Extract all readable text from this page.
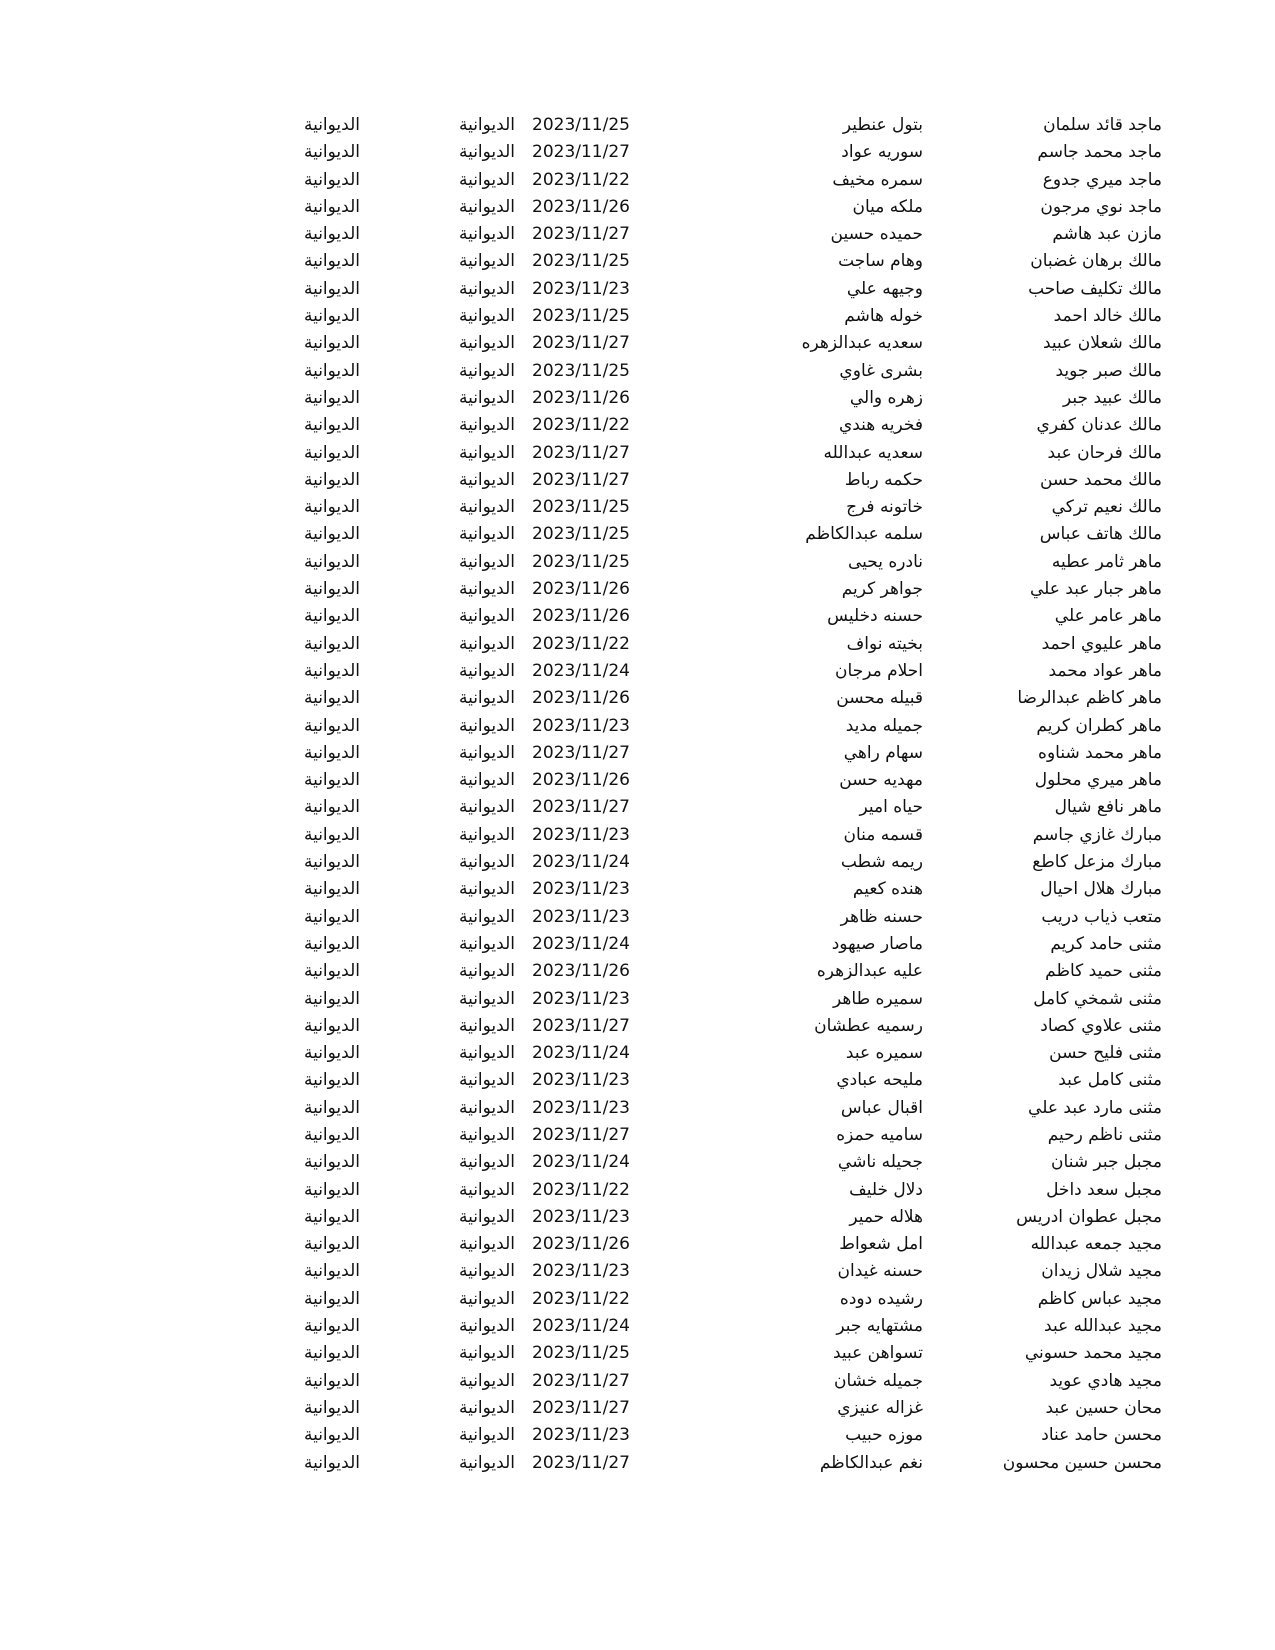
ماجد قائد سلمان
بتول عنطير
2023/11/25
الديوانية
الديوانية
ماجد محمد جاسم
سوريه عواد
2023/11/27
الديوانية
الديوانية
ماجد ميري جدوع
سمره مخيف
2023/11/22
الديوانية
الديوانية
ماجد نوي مرجون
ملكه ميان
2023/11/26
الديوانية
الديوانية
مازن عبد هاشم
حميده حسين
2023/11/27
الديوانية
الديوانية
مالك برهان غضبان
وهام ساجت
2023/11/25
الديوانية
الديوانية
مالك تكليف صاحب
وجيهه علي
2023/11/23
الديوانية
الديوانية
مالك خالد احمد
خوله هاشم
2023/11/25
الديوانية
الديوانية
مالك شعلان عبيد
سعديه عبدالزهره
2023/11/27
الديوانية
الديوانية
مالك صبر جويد
بشرى غاوي
2023/11/25
الديوانية
الديوانية
مالك عبيد جبر
زهره والي
2023/11/26
الديوانية
الديوانية
مالك عدنان كفري
فخريه هندي
2023/11/22
الديوانية
الديوانية
مالك فرحان عبد
سعديه عبدالله
2023/11/27
الديوانية
الديوانية
مالك محمد حسن
حكمه رباط
2023/11/27
الديوانية
الديوانية
مالك نعيم تركي
خاتونه فرج
2023/11/25
الديوانية
الديوانية
مالك هاتف عباس
سلمه عبدالكاظم
2023/11/25
الديوانية
الديوانية
ماهر ثامر عطيه
نادره يحيى
2023/11/25
الديوانية
الديوانية
ماهر جبار عبد علي
جواهر كريم
2023/11/26
الديوانية
الديوانية
ماهر عامر علي
حسنه دخليس
2023/11/26
الديوانية
الديوانية
ماهر عليوي احمد
بخيته نواف
2023/11/22
الديوانية
الديوانية
ماهر عواد محمد
احلام مرجان
2023/11/24
الديوانية
الديوانية
ماهر كاظم عبدالرضا
قبيله محسن
2023/11/26
الديوانية
الديوانية
ماهر كطران كريم
جميله مديد
2023/11/23
الديوانية
الديوانية
ماهر محمد شناوه
سهام راهي
2023/11/27
الديوانية
الديوانية
ماهر ميري محلول
مهديه حسن
2023/11/26
الديوانية
الديوانية
ماهر نافع شيال
حياه امير
2023/11/27
الديوانية
الديوانية
مبارك غازي جاسم
قسمه منان
2023/11/23
الديوانية
الديوانية
مبارك مزعل كاطع
ريمه شطب
2023/11/24
الديوانية
الديوانية
مبارك هلال احيال
هنده كعيم
2023/11/23
الديوانية
الديوانية
متعب ذياب دريب
حسنه ظاهر
2023/11/23
الديوانية
الديوانية
مثنى حامد كريم
ماصار صيهود
2023/11/24
الديوانية
الديوانية
مثنى حميد كاظم
عليه عبدالزهره
2023/11/26
الديوانية
الديوانية
مثنى شمخي كامل
سميره طاهر
2023/11/23
الديوانية
الديوانية
مثنى علاوي كصاد
رسميه عطشان
2023/11/27
الديوانية
الديوانية
مثنى فليح حسن
سميره عبد
2023/11/24
الديوانية
الديوانية
مثنى كامل عبد
مليحه عبادي
2023/11/23
الديوانية
الديوانية
مثنى مارد عبد علي
اقبال عباس
2023/11/23
الديوانية
الديوانية
مثنى ناظم رحيم
ساميه حمزه
2023/11/27
الديوانية
الديوانية
مجبل جبر شنان
جحيله ناشي
2023/11/24
الديوانية
الديوانية
مجبل سعد داخل
دلال خليف
2023/11/22
الديوانية
الديوانية
مجبل عطوان ادريس
هلاله حمير
2023/11/23
الديوانية
الديوانية
مجيد جمعه عبدالله
امل شعواط
2023/11/26
الديوانية
الديوانية
مجيد شلال زيدان
حسنه غيدان
2023/11/23
الديوانية
الديوانية
مجيد عباس كاظم
رشيده دوده
2023/11/22
الديوانية
الديوانية
مجيد عبدالله عبد
مشتهايه جبر
2023/11/24
الديوانية
الديوانية
مجيد محمد حسوني
تسواهن عبيد
2023/11/25
الديوانية
الديوانية
مجيد هادي عويد
جميله خشان
2023/11/27
الديوانية
الديوانية
محان حسين عبد
غزاله عنيزي
2023/11/27
الديوانية
الديوانية
محسن حامد عناد
موزه حبيب
2023/11/23
الديوانية
الديوانية
محسن حسين محسون
نغم عبدالكاظم
2023/11/27
الديوانية
الديوانية
